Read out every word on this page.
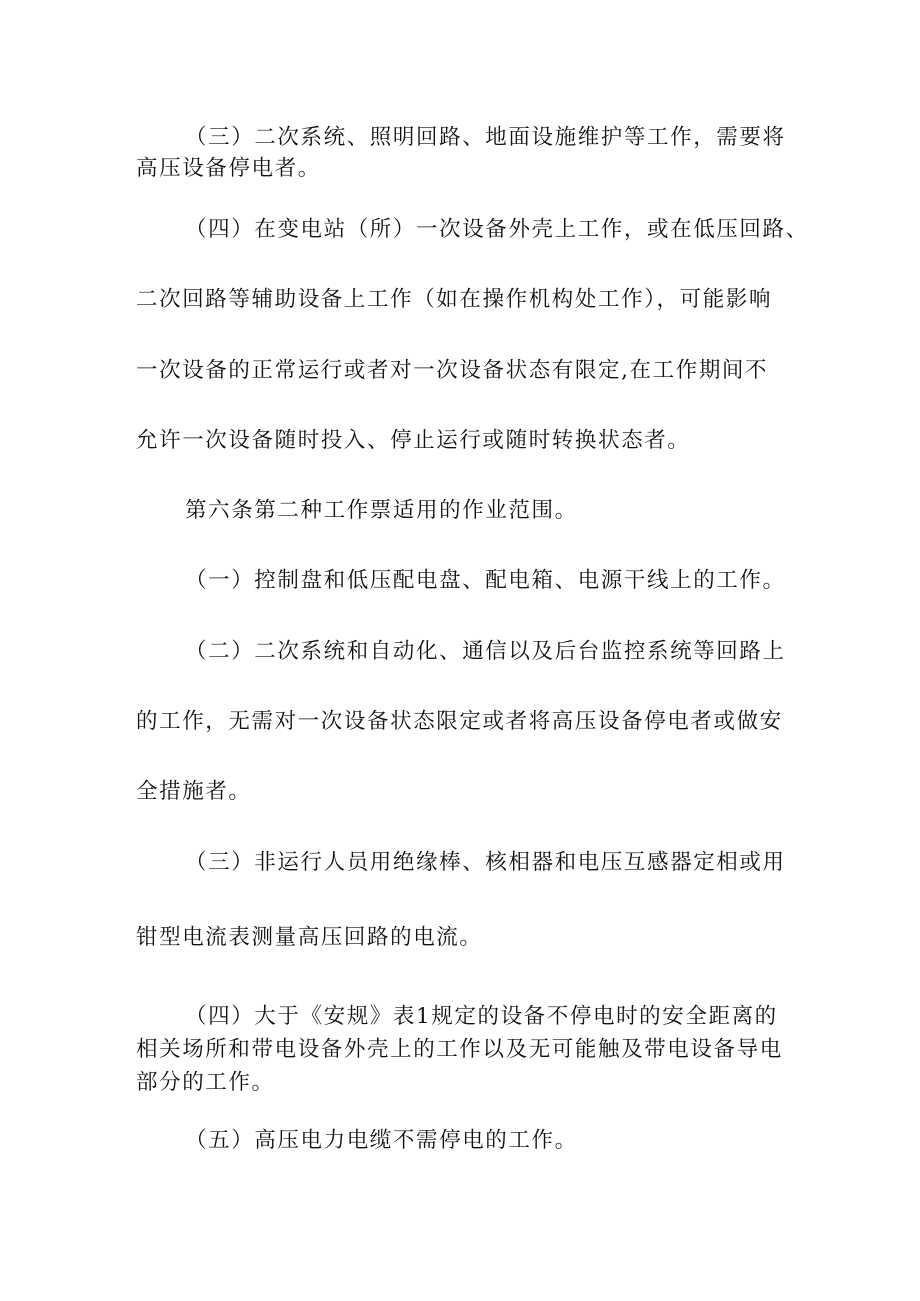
（三）二次系统、照明回路、地面设施维护等工作，需要将

高压设备停电者。

（四）在变电站（所）一次设备外壳上工作，或在低压回路、

二次回路等辅助设备上工作（如在操作机构处工作），可能影响

一次设备的正常运行或者对一次设备状态有限定,在工作期间不

允许一次设备随时投入、停止运行或随时转换状态者。

第六条第二种工作票适用的作业范围。

（一）控制盘和低压配电盘、配电箱、电源干线上的工作。

（二）二次系统和自动化、通信以及后台监控系统等回路上

的工作，无需对一次设备状态限定或者将高压设备停电者或做安

全措施者。

（三）非运行人员用绝缘棒、核相器和电压互感器定相或用

钳型电流表测量高压回路的电流。

（四）大于《安规》表1规定的设备不停电时的安全距离的

相关场所和带电设备外壳上的工作以及无可能触及带电设备导电

部分的工作。

（五）高压电力电缆不需停电的工作。
